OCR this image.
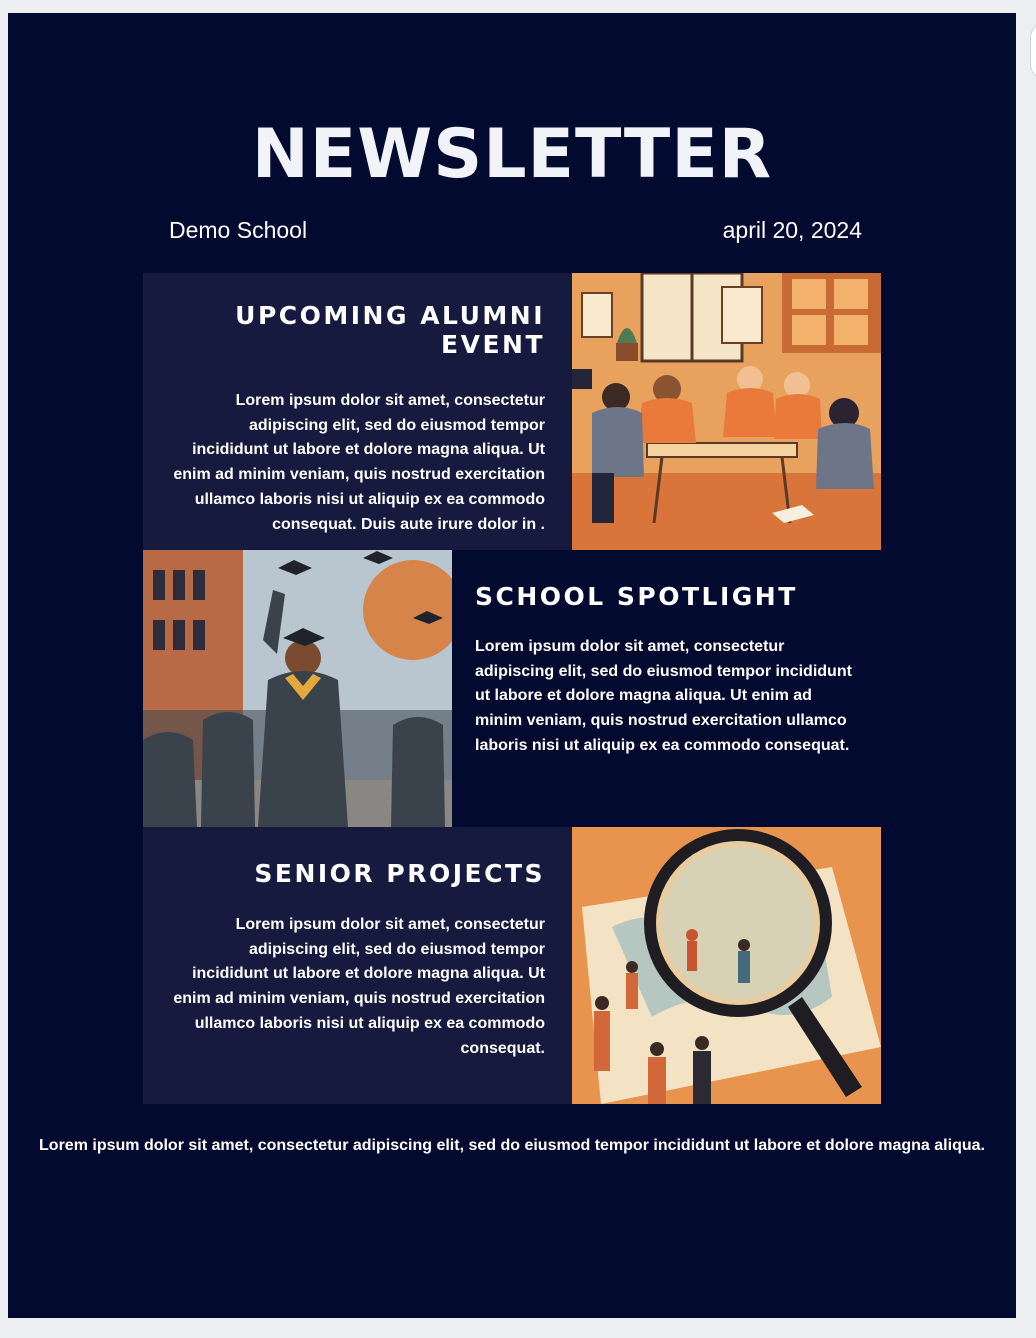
NEWSLETTER
Demo School	april 20, 2024
UPCOMING ALUMNI EVENT

Lorem ipsum dolor sit amet, consectetur adipiscing elit, sed do eiusmod tempor incididunt ut labore et dolore magna aliqua. Ut enim ad minim veniam, quis nostrud exercitation ullamco laboris nisi ut aliquip ex ea commodo consequat. Duis aute irure dolor in .

SCHOOL SPOTLIGHT

Lorem ipsum dolor sit amet, consectetur adipiscing elit, sed do eiusmod tempor incididunt ut labore et dolore magna aliqua. Ut enim ad minim veniam, quis nostrud exercitation ullamco laboris nisi ut aliquip ex ea commodo consequat.

SENIOR PROJECTS

Lorem ipsum dolor sit amet, consectetur adipiscing elit, sed do eiusmod tempor incididunt ut labore et dolore magna aliqua. Ut enim ad minim veniam, quis nostrud exercitation ullamco laboris nisi ut aliquip ex ea commodo consequat.

Lorem ipsum dolor sit amet, consectetur adipiscing elit, sed do eiusmod tempor incididunt ut labore et dolore magna aliqua.
